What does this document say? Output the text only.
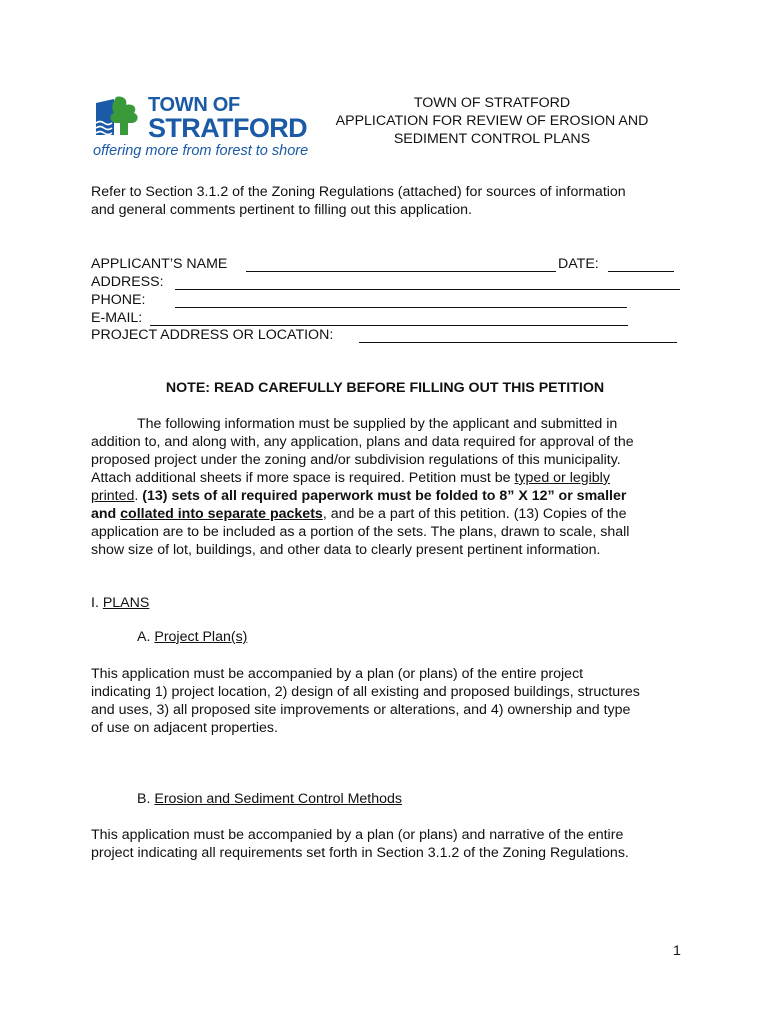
TOWN OF
STRATFORD
offering more from forest to shore
TOWN OF STRATFORD
APPLICATION FOR REVIEW OF EROSION AND
SEDIMENT CONTROL PLANS
Refer to Section 3.1.2 of the Zoning Regulations (attached) for sources of information
and general comments pertinent to filling out this application.
APPLICANT’S NAME	DATE:
ADDRESS:
PHONE:
E-MAIL:
PROJECT ADDRESS OR LOCATION:
NOTE: READ CAREFULLY BEFORE FILLING OUT THIS PETITION
The following information must be supplied by the applicant and submitted in
addition to, and along with, any application, plans and data required for approval of the
proposed project under the zoning and/or subdivision regulations of this municipality.
Attach additional sheets if more space is required. Petition must be typed or legibly
printed. (13) sets of all required paperwork must be folded to 8” X 12” or smaller
and collated into separate packets, and be a part of this petition. (13) Copies of the
application are to be included as a portion of the sets. The plans, drawn to scale, shall
show size of lot, buildings, and other data to clearly present pertinent information.
I. PLANS
A. Project Plan(s)
This application must be accompanied by a plan (or plans) of the entire project
indicating 1) project location, 2) design of all existing and proposed buildings, structures
and uses, 3) all proposed site improvements or alterations, and 4) ownership and type
of use on adjacent properties.
B. Erosion and Sediment Control Methods
This application must be accompanied by a plan (or plans) and narrative of the entire
project indicating all requirements set forth in Section 3.1.2 of the Zoning Regulations.
1
